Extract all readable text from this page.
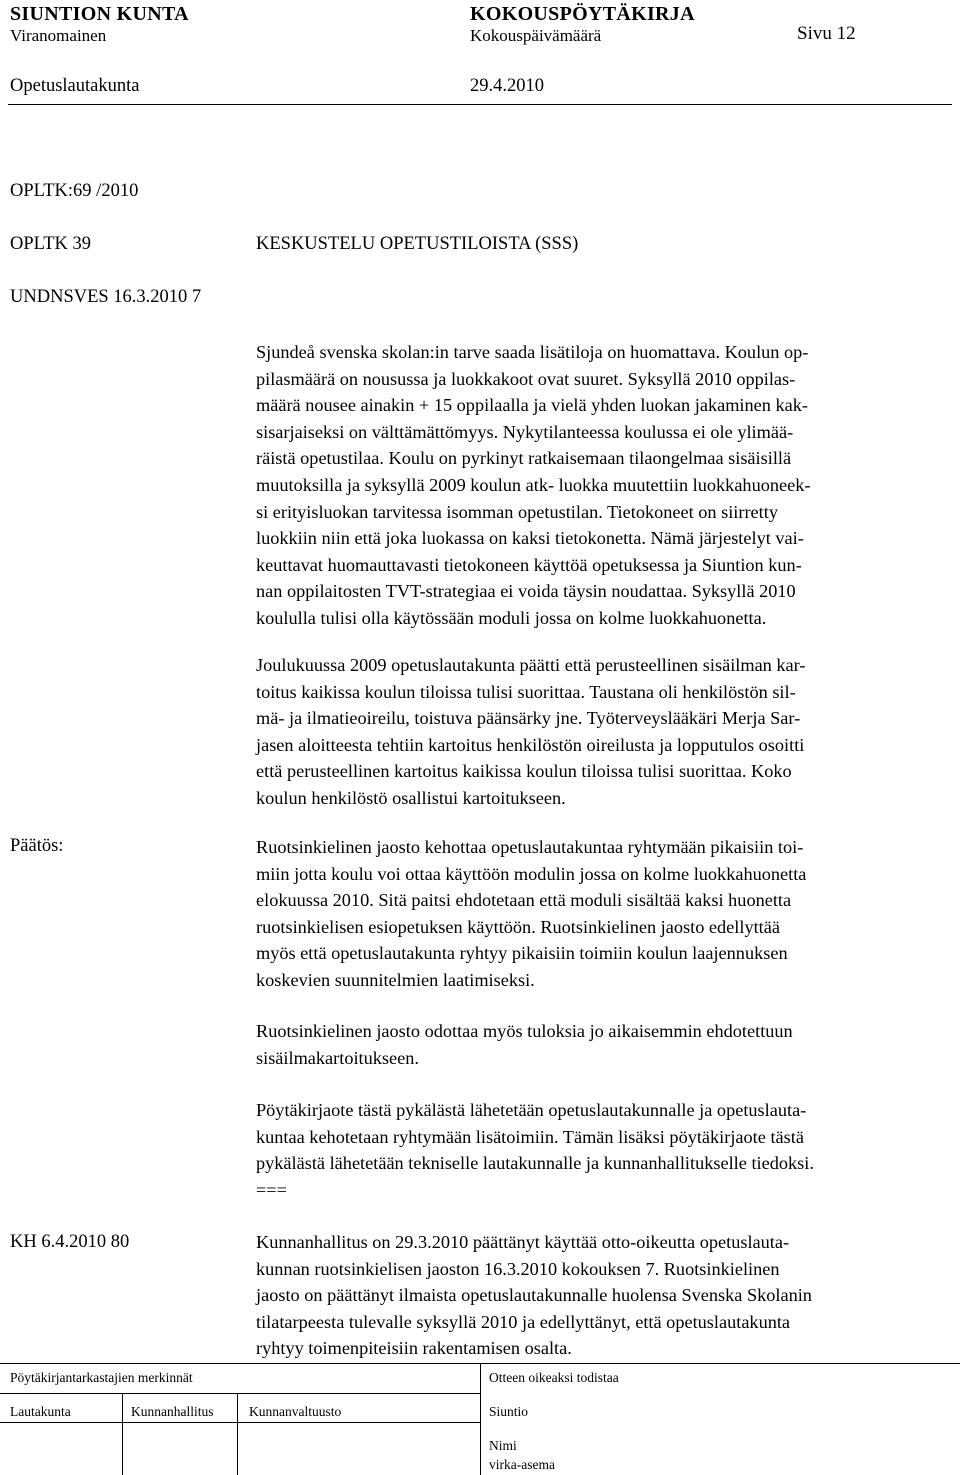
SIUNTION KUNTA	KOKOUSPÖYTÄKIRJA
Viranomainen	Kokouspäivämäärä	Sivu 12
Opetuslautakunta	29.4.2010
OPLTK:69 /2010
OPLTK 39	KESKUSTELU OPETUSTILOISTA (SSS)
UNDNSVES 16.3.2010 7
Sjundeå svenska skolan:in tarve saada lisätiloja on huomattava. Koulun op-
pilasmäärä on nousussa ja luokkakoot ovat suuret. Syksyllä 2010 oppilas-
määrä nousee ainakin + 15 oppilaalla ja vielä yhden luokan jakaminen kak-
sisarjaiseksi on välttämättömyys. Nykytilanteessa koulussa ei ole ylimää-
räistä opetustilaa. Koulu on pyrkinyt ratkaisemaan tilaongelmaa sisäisillä
muutoksilla ja syksyllä 2009 koulun atk- luokka muutettiin luokkahuoneek-
si erityisluokan tarvitessa isomman opetustilan. Tietokoneet on siirretty
luokkiin niin että joka luokassa on kaksi tietokonetta. Nämä järjestelyt vai-
keuttavat huomauttavasti tietokoneen käyttöä opetuksessa ja Siuntion kun-
nan oppilaitosten TVT-strategiaa ei voida täysin noudattaa. Syksyllä 2010
koululla tulisi olla käytössään moduli jossa on kolme luokkahuonetta.
Joulukuussa 2009 opetuslautakunta päätti että perusteellinen sisäilman kar-
toitus kaikissa koulun tiloissa tulisi suorittaa. Taustana oli henkilöstön sil-
mä- ja ilmatieoireilu, toistuva päänsärky jne. Työterveyslääkäri Merja Sar-
jasen aloitteesta tehtiin kartoitus henkilöstön oireilusta ja lopputulos osoitti
että perusteellinen kartoitus kaikissa koulun tiloissa tulisi suorittaa. Koko
koulun henkilöstö osallistui kartoitukseen.
Päätös:	Ruotsinkielinen jaosto kehottaa opetuslautakuntaa ryhtymään pikaisiin toi-
miin jotta koulu voi ottaa käyttöön modulin jossa on kolme luokkahuonetta
elokuussa 2010. Sitä paitsi ehdotetaan että moduli sisältää kaksi huonetta
ruotsinkielisen esiopetuksen käyttöön. Ruotsinkielinen jaosto edellyttää
myös että opetuslautakunta ryhtyy pikaisiin toimiin koulun laajennuksen
koskevien suunnitelmien laatimiseksi.
Ruotsinkielinen jaosto odottaa myös tuloksia jo aikaisemmin ehdotettuun
sisäilmakartoitukseen.
Pöytäkirjaote tästä pykälästä lähetetään opetuslautakunnalle ja opetuslauta-
kuntaa kehotetaan ryhtymään lisätoimiin. Tämän lisäksi pöytäkirjaote tästä
pykälästä lähetetään tekniselle lautakunnalle ja kunnanhallitukselle tiedoksi.
===
KH 6.4.2010 80	Kunnanhallitus on 29.3.2010 päättänyt käyttää otto-oikeutta opetuslauta-
kunnan ruotsinkielisen jaoston 16.3.2010 kokouksen 7. Ruotsinkielinen
jaosto on päättänyt ilmaista opetuslautakunnalle huolensa Svenska Skolanin
tilatarpeesta tulevalle syksyllä 2010 ja edellyttänyt, että opetuslautakunta
ryhtyy toimenpiteisiin rakentamisen osalta.
Pöytäkirjantarkastajien merkinnät	Otteen oikeaksi todistaa
Lautakunta	Kunnanhallitus	Kunnanvaltuusto	Siuntio
Nimi
virka-asema
